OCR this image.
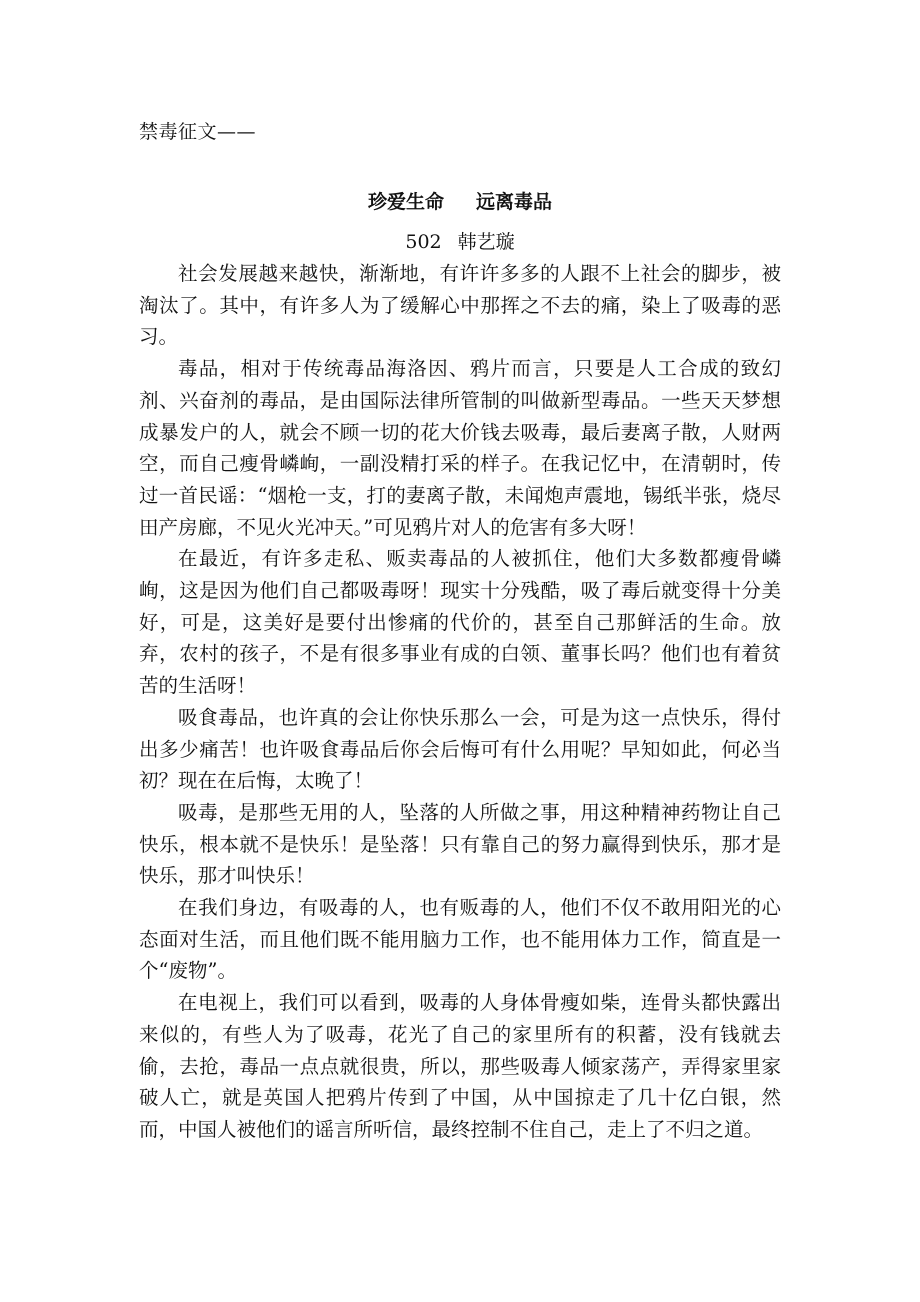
禁毒征文——
珍爱生命 远离毒品
502 韩艺璇

社会发展越来越快，渐渐地，有许许多多的人跟不上社会的脚步，被淘汰了。其中，有许多人为了缓解心中那挥之不去的痛，染上了吸毒的恶习。

毒品，相对于传统毒品海洛因、鸦片而言，只要是人工合成的致幻剂、兴奋剂的毒品，是由国际法律所管制的叫做新型毒品。一些天天梦想成暴发户的人，就会不顾一切的花大价钱去吸毒，最后妻离子散，人财两空，而自己瘦骨嶙峋，一副没精打采的样子。在我记忆中，在清朝时，传过一首民谣：“烟枪一支，打的妻离子散，未闻炮声震地，锡纸半张，烧尽田产房廊，不见火光冲天。”可见鸦片对人的危害有多大呀！

在最近，有许多走私、贩卖毒品的人被抓住，他们大多数都瘦骨嶙峋，这是因为他们自己都吸毒呀！现实十分残酷，吸了毒后就变得十分美好，可是，这美好是要付出惨痛的代价的，甚至自己那鲜活的生命。放弃，农村的孩子，不是有很多事业有成的白领、董事长吗？他们也有着贫苦的生活呀！

吸食毒品，也许真的会让你快乐那么一会，可是为这一点快乐，得付出多少痛苦！也许吸食毒品后你会后悔可有什么用呢？早知如此，何必当初？现在在后悔，太晚了！

吸毒，是那些无用的人，坠落的人所做之事，用这种精神药物让自己快乐，根本就不是快乐！是坠落！只有靠自己的努力赢得到快乐，那才是快乐，那才叫快乐！

在我们身边，有吸毒的人，也有贩毒的人，他们不仅不敢用阳光的心态面对生活，而且他们既不能用脑力工作，也不能用体力工作，简直是一个“废物”。

在电视上，我们可以看到，吸毒的人身体骨瘦如柴，连骨头都快露出来似的，有些人为了吸毒，花光了自己的家里所有的积蓄，没有钱就去偷，去抢，毒品一点点就很贵，所以，那些吸毒人倾家荡产，弄得家里家破人亡，就是英国人把鸦片传到了中国，从中国掠走了几十亿白银，然而，中国人被他们的谣言所听信，最终控制不住自己，走上了不归之道。
